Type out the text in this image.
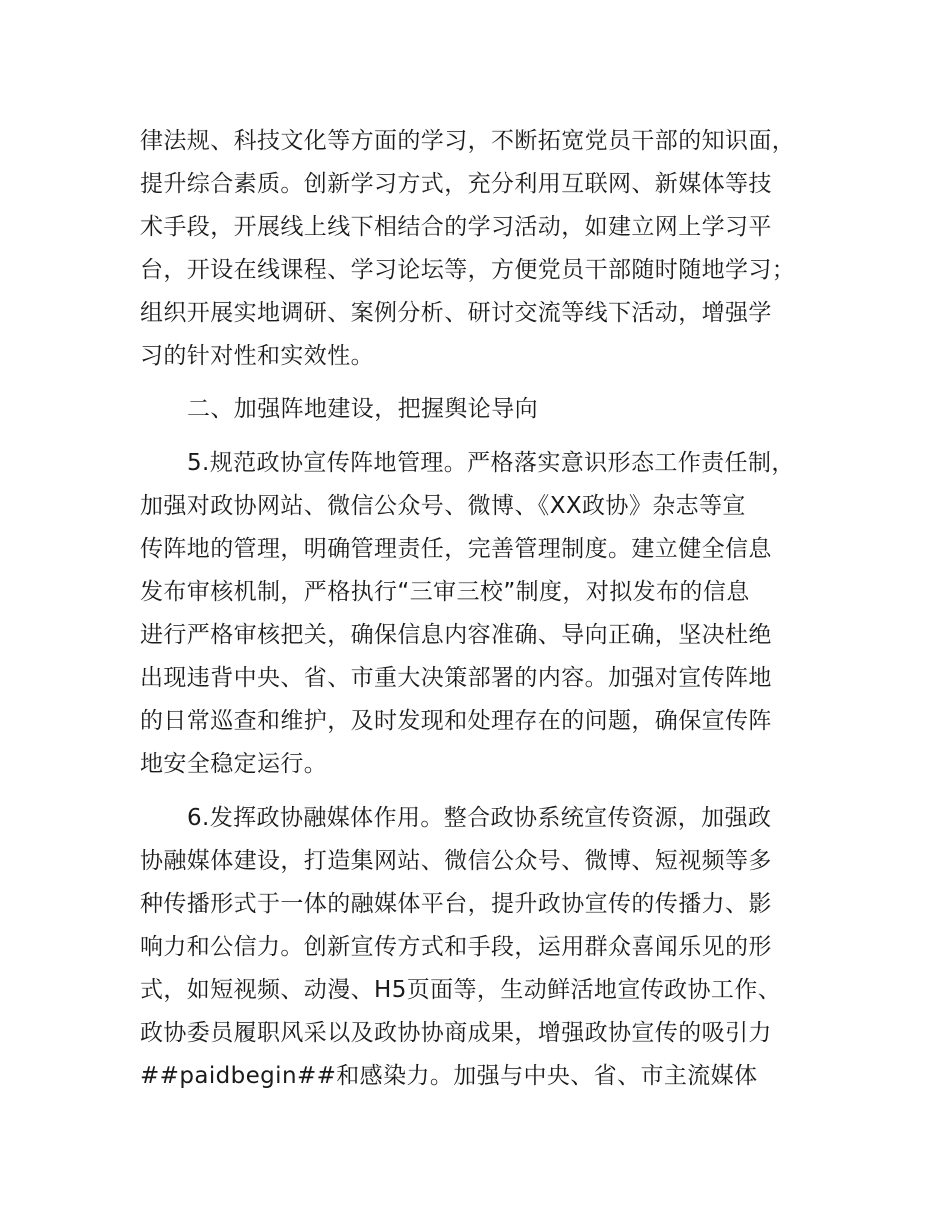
律法规、科技文化等方面的学习，不断拓宽党员干部的知识面，
提升综合素质。创新学习方式，充分利用互联网、新媒体等技
术手段，开展线上线下相结合的学习活动，如建立网上学习平
台，开设在线课程、学习论坛等，方便党员干部随时随地学习；
组织开展实地调研、案例分析、研讨交流等线下活动，增强学
习的针对性和实效性。
二、加强阵地建设，把握舆论导向
5.规范政协宣传阵地管理。严格落实意识形态工作责任制，
加强对政协网站、微信公众号、微博、《XX政协》杂志等宣
传阵地的管理，明确管理责任，完善管理制度。建立健全信息
发布审核机制，严格执行“三审三校”制度，对拟发布的信息
进行严格审核把关，确保信息内容准确、导向正确，坚决杜绝
出现违背中央、省、市重大决策部署的内容。加强对宣传阵地
的日常巡查和维护，及时发现和处理存在的问题，确保宣传阵
地安全稳定运行。
6.发挥政协融媒体作用。整合政协系统宣传资源，加强政
协融媒体建设，打造集网站、微信公众号、微博、短视频等多
种传播形式于一体的融媒体平台，提升政协宣传的传播力、影
响力和公信力。创新宣传方式和手段，运用群众喜闻乐见的形
式，如短视频、动漫、H5页面等，生动鲜活地宣传政协工作、
政协委员履职风采以及政协协商成果，增强政协宣传的吸引力
##paidbegin##和感染力。加强与中央、省、市主流媒体
